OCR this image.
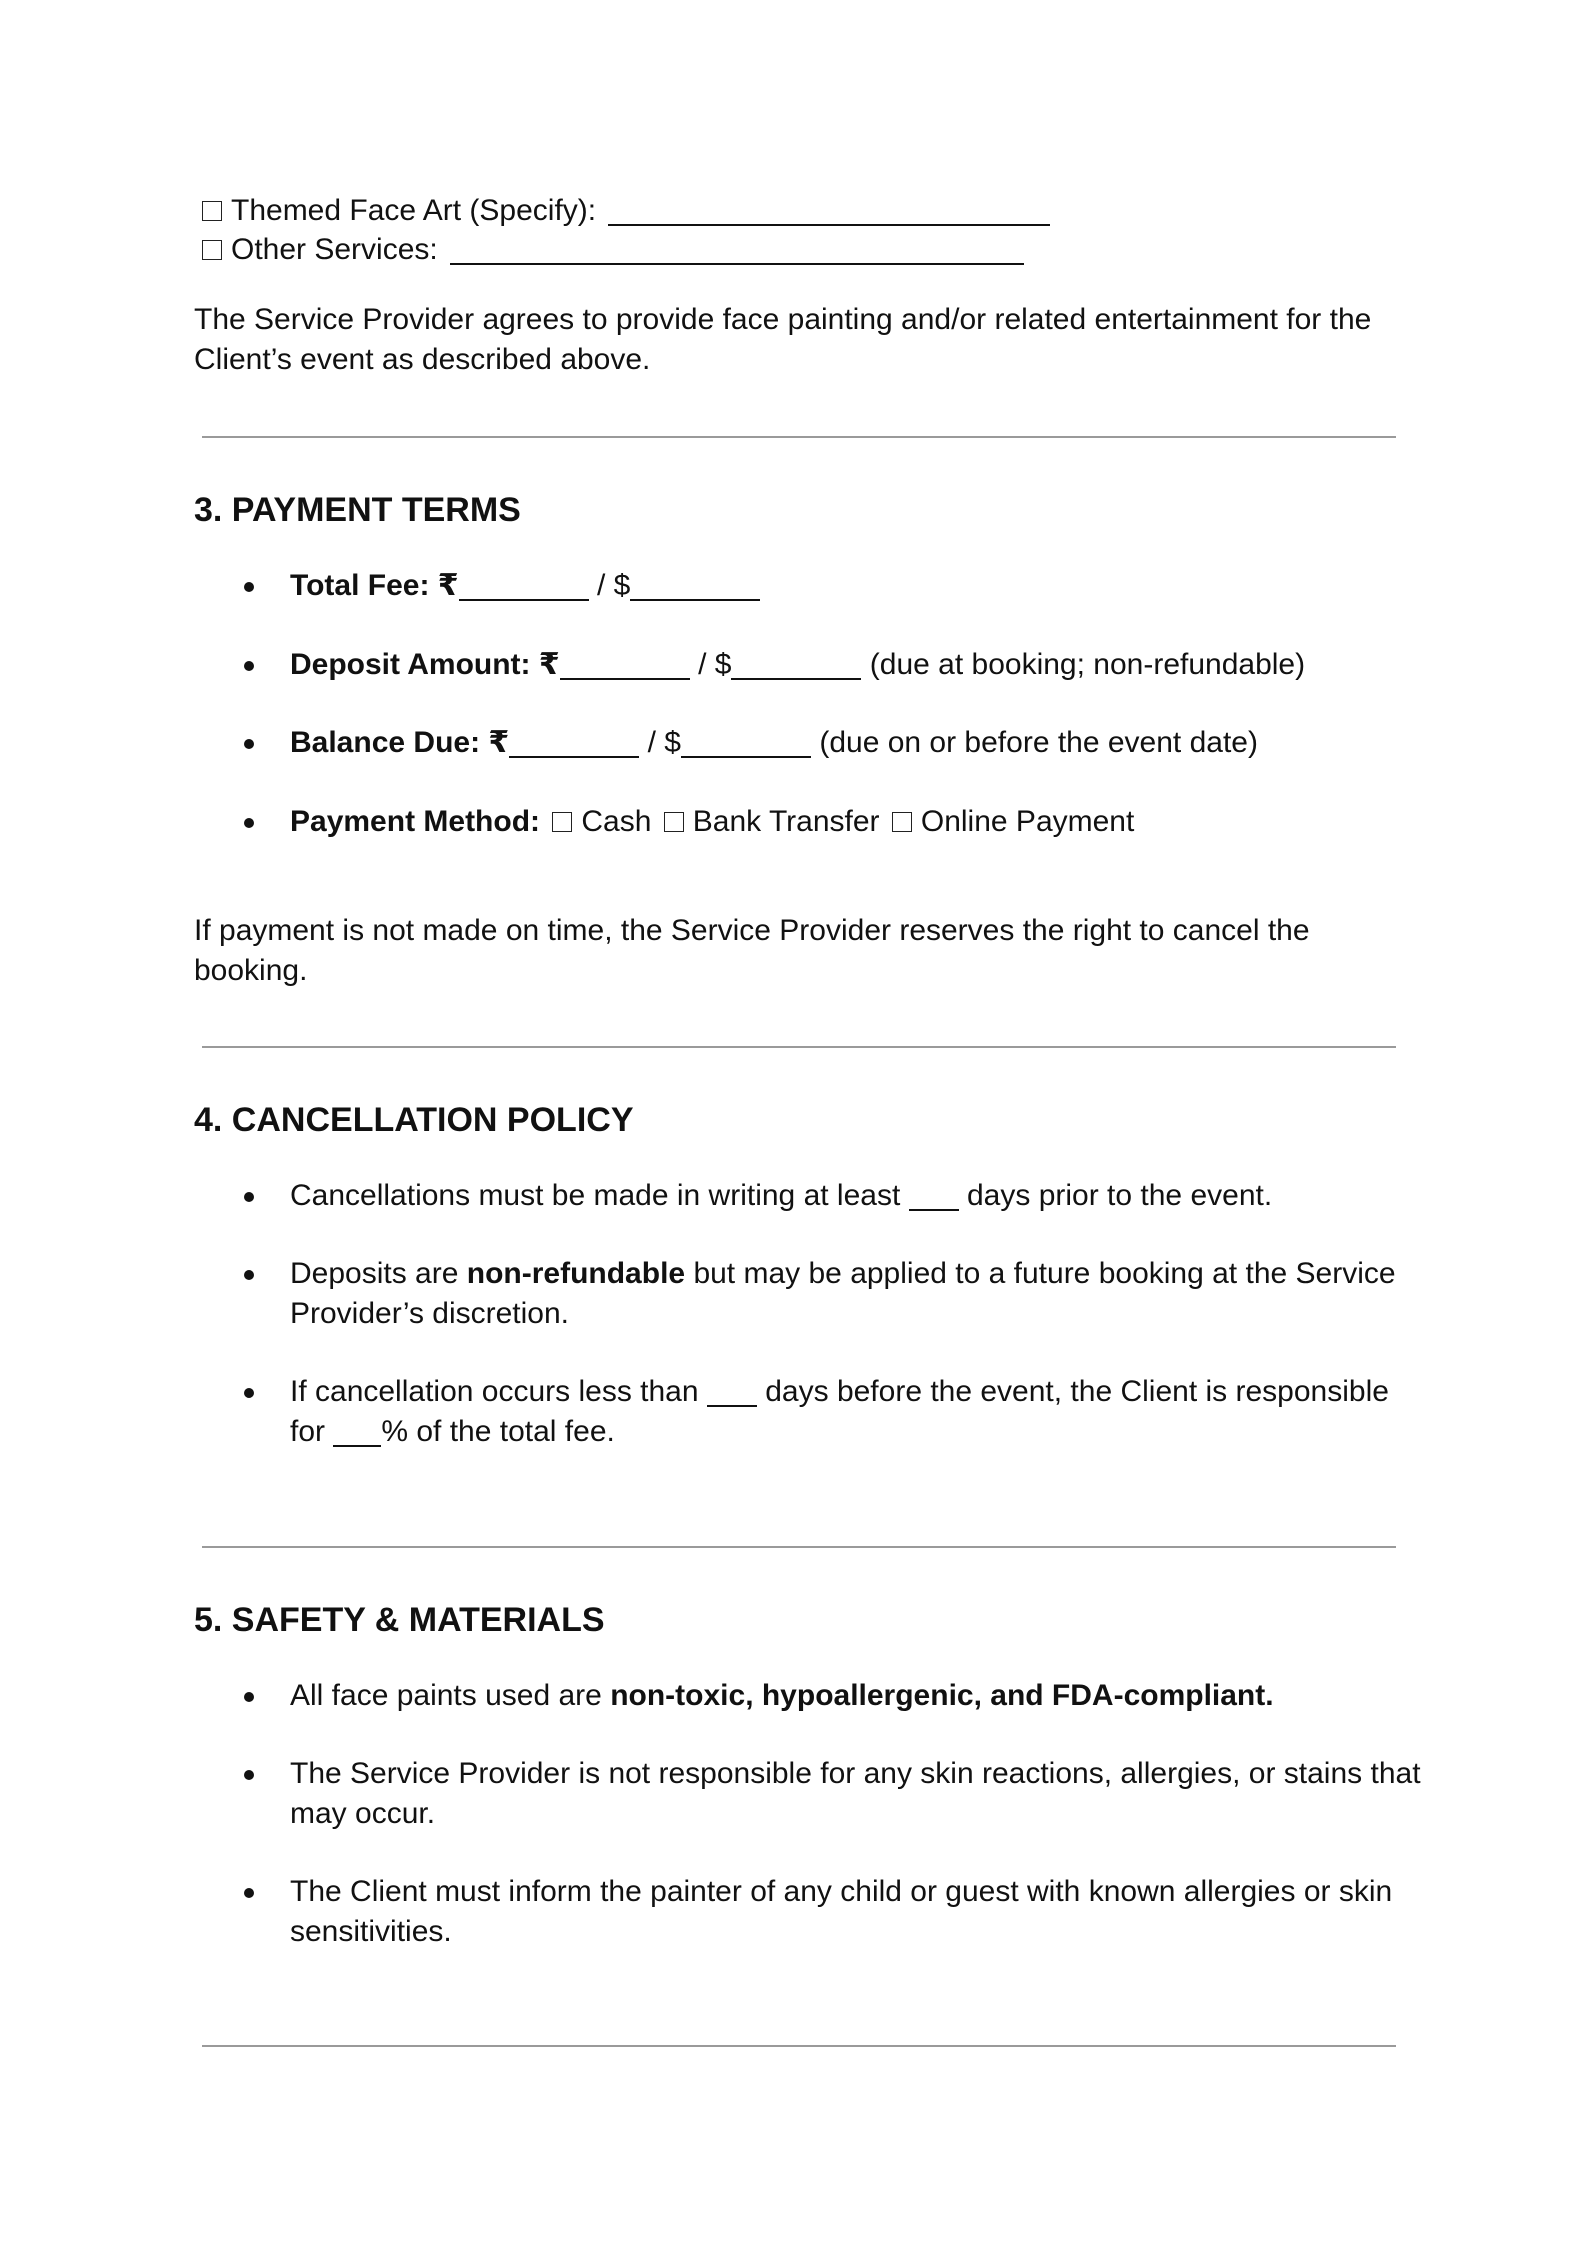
Themed Face Art (Specify):
Other Services:
The Service Provider agrees to provide face painting and/or related entertainment for the
Client’s event as described above.
3. PAYMENT TERMS
Total Fee: ₹	/ $
Deposit Amount: ₹	/ $	(due at booking; non-refundable)
Balance Due: ₹	/ $	(due on or before the event date)
Payment Method: Cash Bank Transfer Online Payment
If payment is not made on time, the Service Provider reserves the right to cancel the
booking.
4. CANCELLATION POLICY
Cancellations must be made in writing at least days prior to the event.
Deposits are non-refundable but may be applied to a future booking at the Service
Provider’s discretion.
If cancellation occurs less than days before the event, the Client is responsible
for % of the total fee.
5. SAFETY & MATERIALS
All face paints used are non-toxic, hypoallergenic, and FDA-compliant.
The Service Provider is not responsible for any skin reactions, allergies, or stains that
may occur.
The Client must inform the painter of any child or guest with known allergies or skin
sensitivities.
